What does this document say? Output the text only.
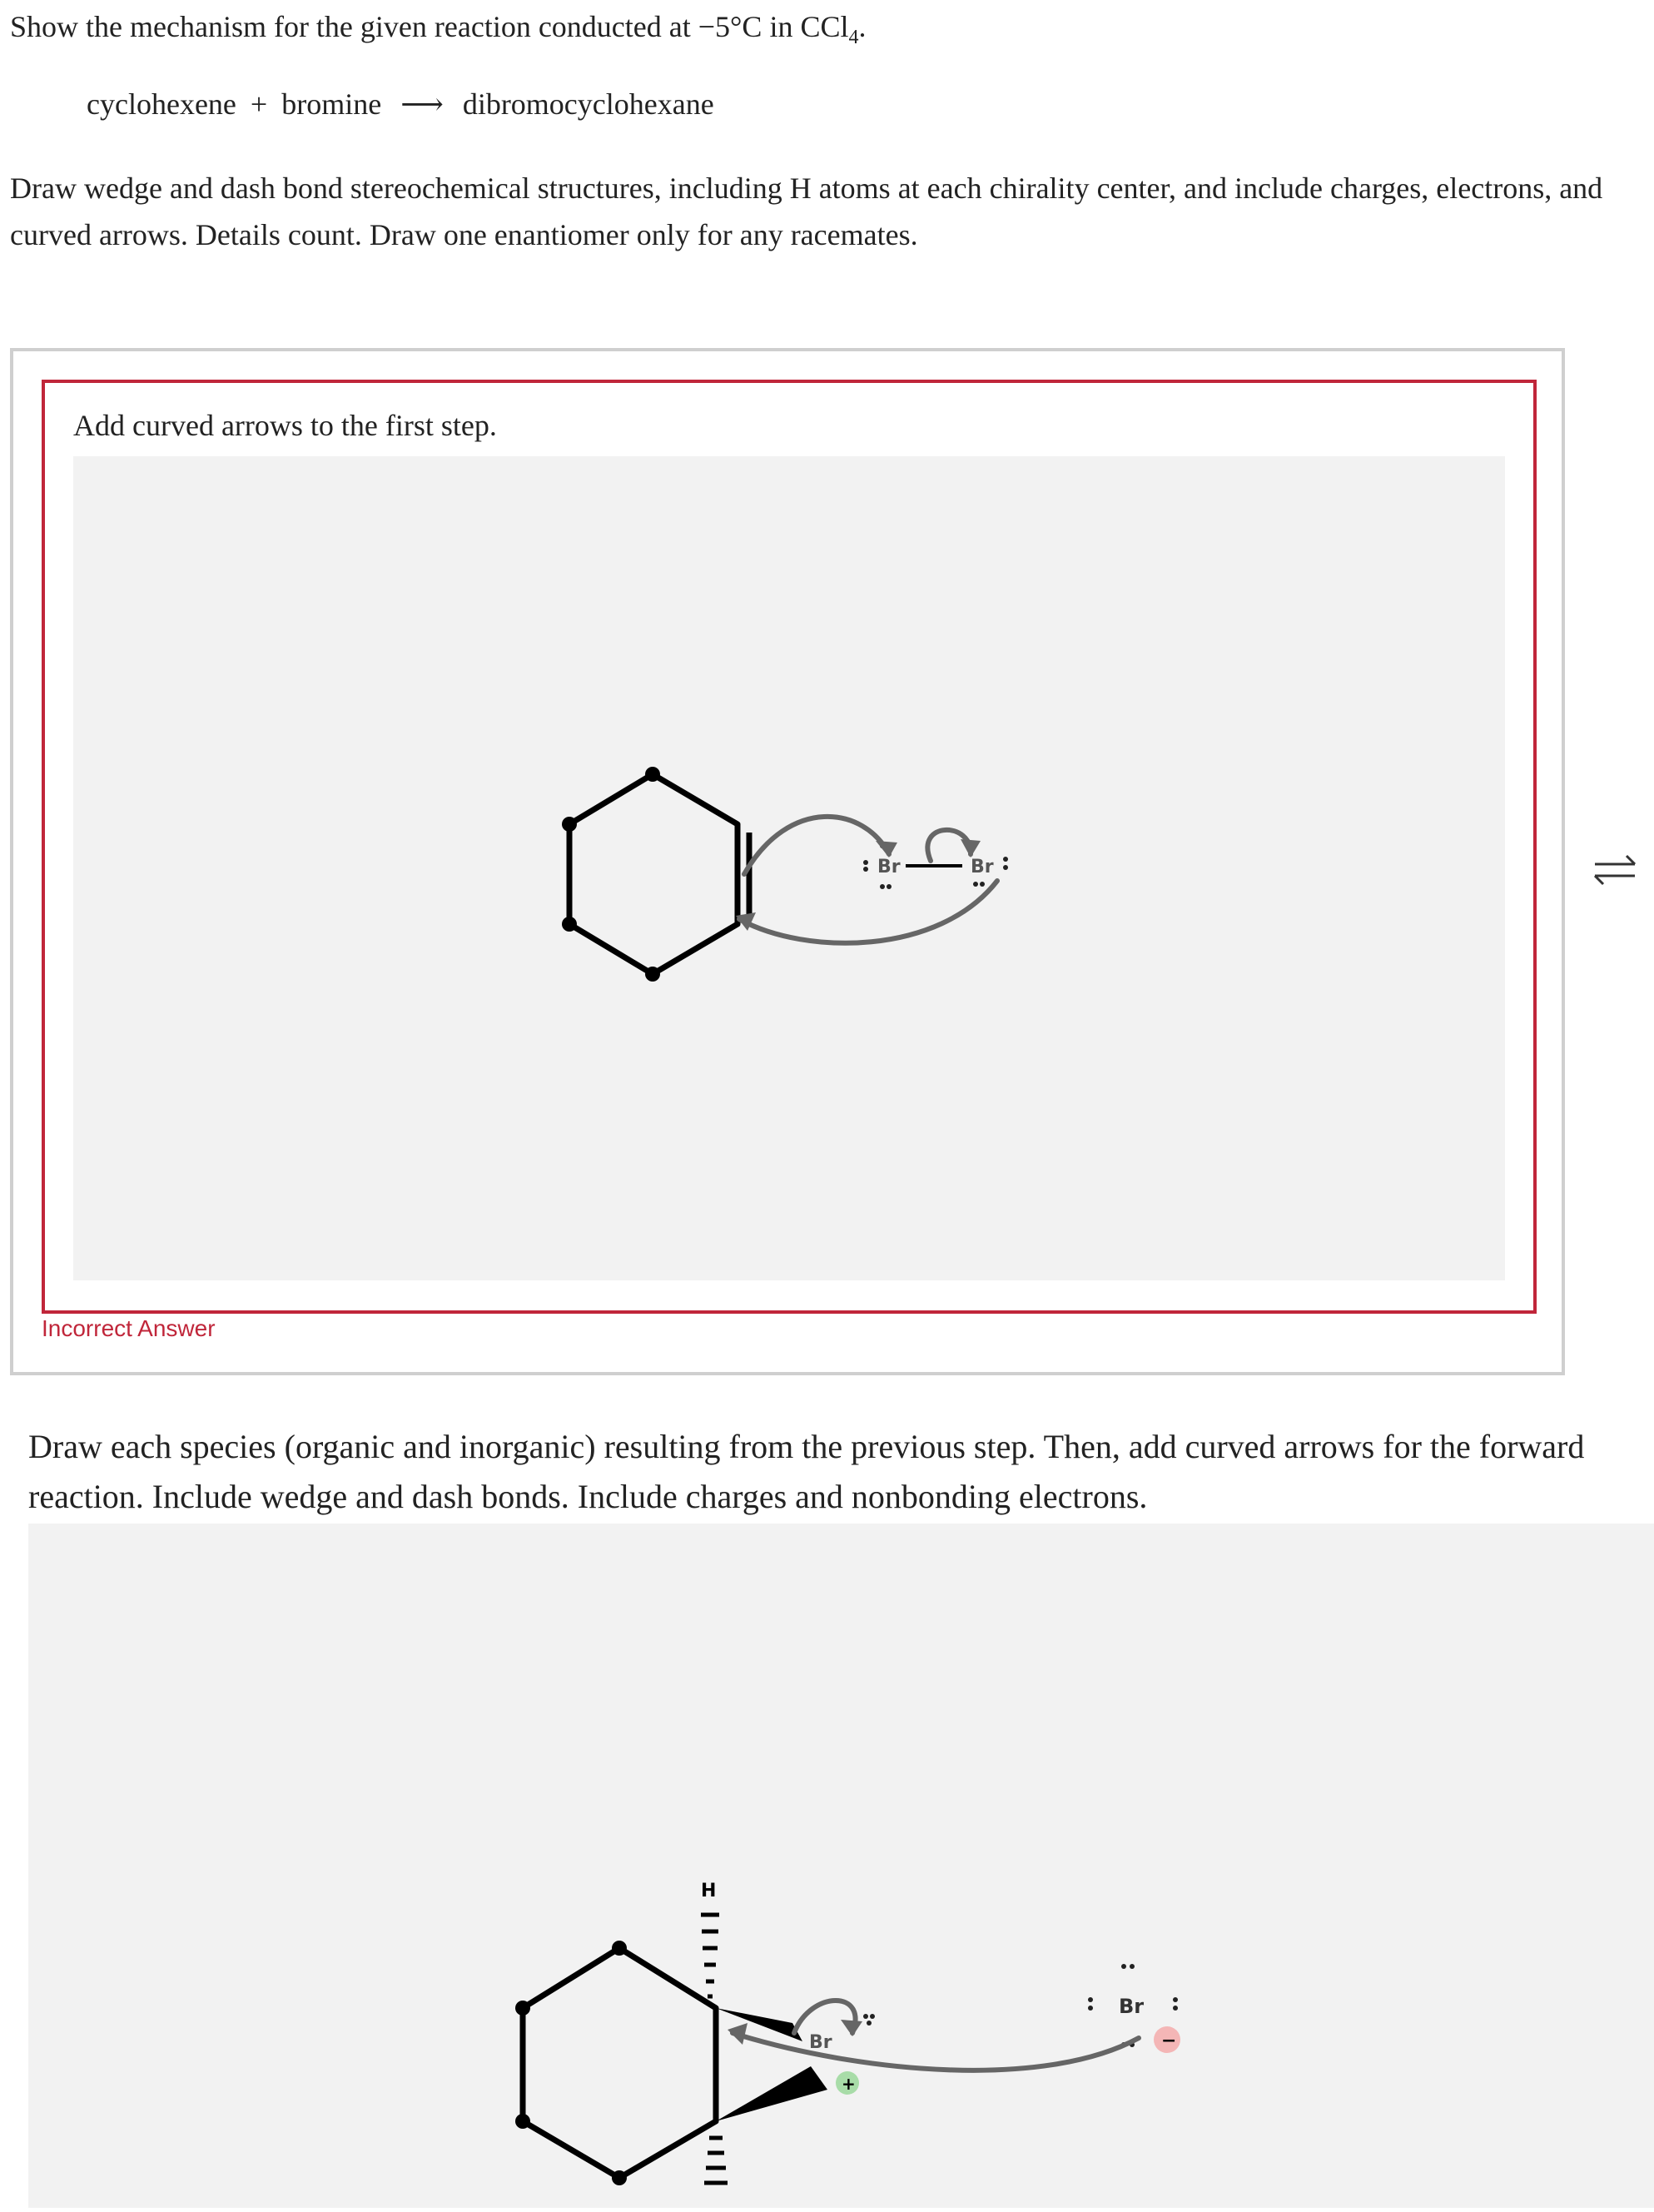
Show the mechanism for the given reaction conducted at −5°C in CCl$_4$.
cyclohexene + bromine ⟶ dibromocyclohexane
Draw wedge and dash bond stereochemical structures, including H atoms at each chirality center, and include charges, electrons, and curved arrows. Details count. Draw one enantiomer only for any racemates.
Add curved arrows to the first step.
Br	Br
Incorrect Answer
Draw each species (organic and inorganic) resulting from the previous step. Then, add curved arrows for the forward reaction. Include wedge and dash bonds. Include charges and nonbonding electrons.
H
Br
+
Br
−
